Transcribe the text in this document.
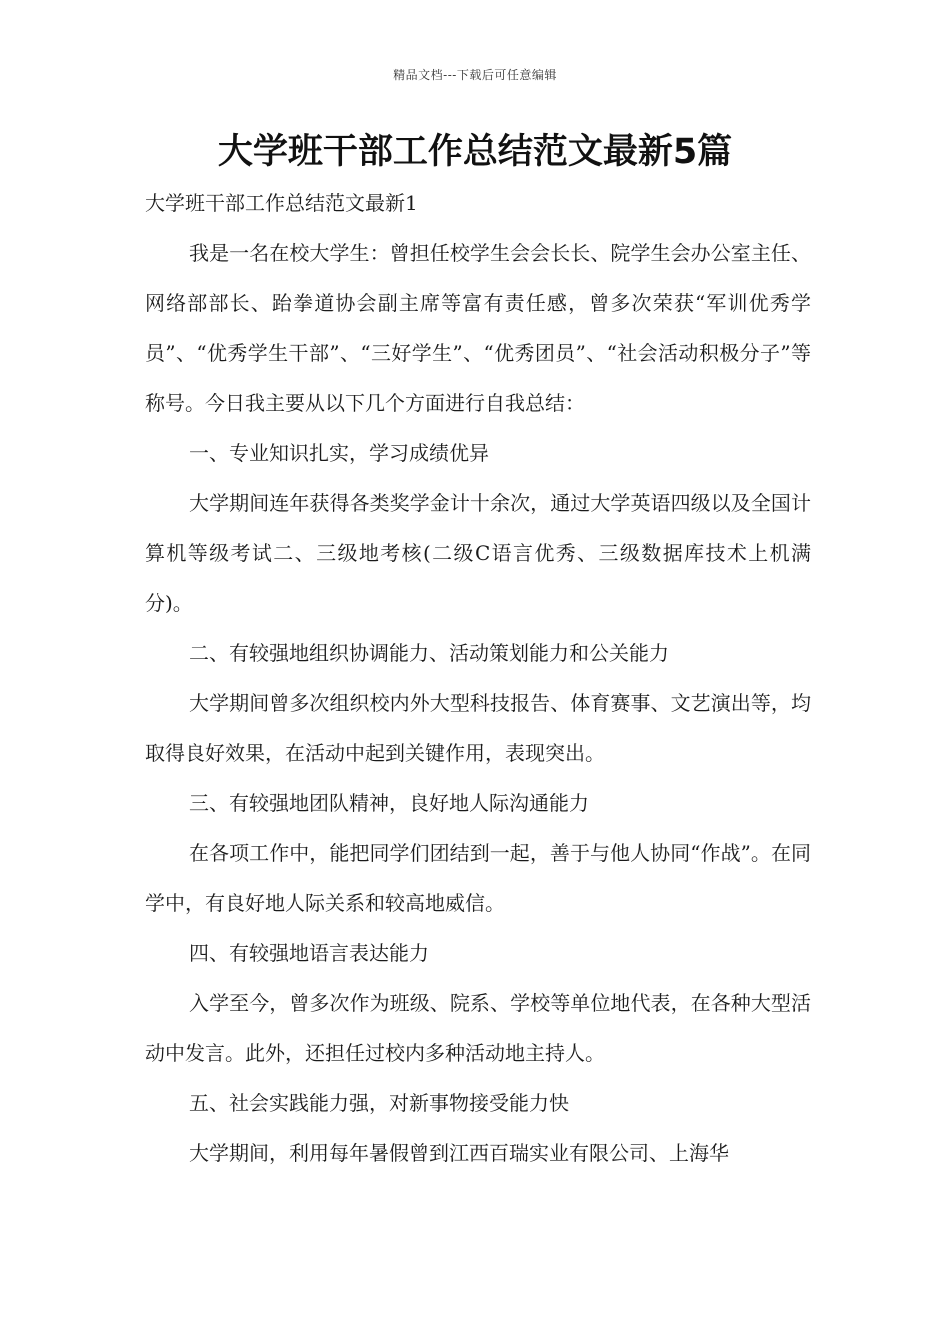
精品文档---下载后可任意编辑
大学班干部工作总结范文最新5篇

大学班干部工作总结范文最新1

我是一名在校大学生：曾担任校学生会会长长、院学生会办公室主任、网络部部长、跆拳道协会副主席等富有责任感，曾多次荣获“军训优秀学员”、“优秀学生干部”、“三好学生”、“优秀团员”、“社会活动积极分子”等称号。今日我主要从以下几个方面进行自我总结：

一、专业知识扎实，学习成绩优异

大学期间连年获得各类奖学金计十余次，通过大学英语四级以及全国计算机等级考试二、三级地考核(二级C语言优秀、三级数据库技术上机满分)。

二、有较强地组织协调能力、活动策划能力和公关能力

大学期间曾多次组织校内外大型科技报告、体育赛事、文艺演出等，均取得良好效果，在活动中起到关键作用，表现突出。

三、有较强地团队精神，良好地人际沟通能力

在各项工作中，能把同学们团结到一起，善于与他人协同“作战”。在同学中，有良好地人际关系和较高地威信。

四、有较强地语言表达能力

入学至今，曾多次作为班级、院系、学校等单位地代表，在各种大型活动中发言。此外，还担任过校内多种活动地主持人。

五、社会实践能力强，对新事物接受能力快

大学期间，利用每年暑假曾到江西百瑞实业有限公司、上海华
